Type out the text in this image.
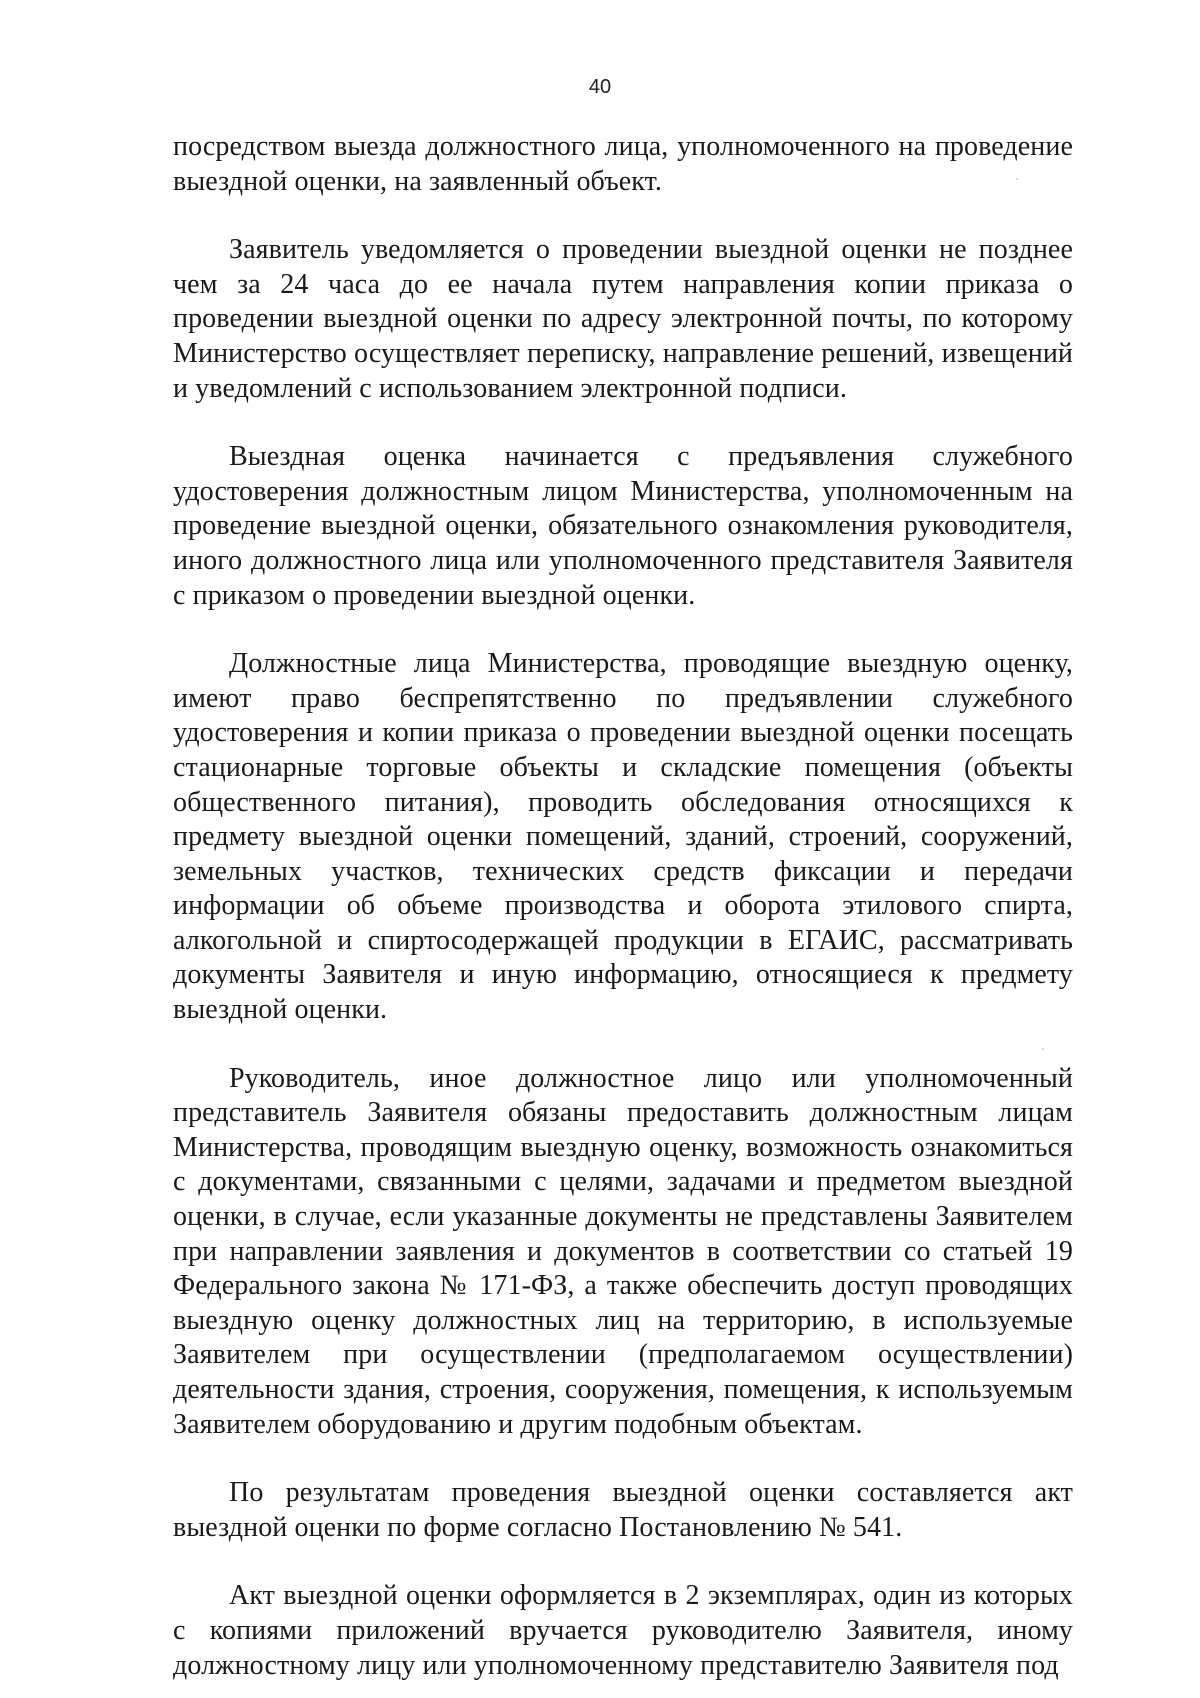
40

посредством выезда должностного лица, уполномоченного на проведение выездной оценки, на заявленный объект.

Заявитель уведомляется о проведении выездной оценки не позднее чем за 24 часа до ее начала путем направления копии приказа о проведении выездной оценки по адресу электронной почты, по которому Министерство осуществляет переписку, направление решений, извещений и уведомлений с использованием электронной подписи.

Выездная оценка начинается с предъявления служебного удостоверения должностным лицом Министерства, уполномоченным на проведение выездной оценки, обязательного ознакомления руководителя, иного должностного лица или уполномоченного представителя Заявителя с приказом о проведении выездной оценки.

Должностные лица Министерства, проводящие выездную оценку, имеют право беспрепятственно по предъявлении служебного удостоверения и копии приказа о проведении выездной оценки посещать стационарные торговые объекты и складские помещения (объекты общественного питания), проводить обследования относящихся к предмету выездной оценки помещений, зданий, строений, сооружений, земельных участков, технических средств фиксации и передачи информации об объеме производства и оборота этилового спирта, алкогольной и спиртосодержащей продукции в ЕГАИС, рассматривать документы Заявителя и иную информацию, относящиеся к предмету выездной оценки.

Руководитель, иное должностное лицо или уполномоченный представитель Заявителя обязаны предоставить должностным лицам Министерства, проводящим выездную оценку, возможность ознакомиться с документами, связанными с целями, задачами и предметом выездной оценки, в случае, если указанные документы не представлены Заявителем при направлении заявления и документов в соответствии со статьей 19 Федерального закона № 171-ФЗ, а также обеспечить доступ проводящих выездную оценку должностных лиц на территорию, в используемые Заявителем при осуществлении (предполагаемом осуществлении) деятельности здания, строения, сооружения, помещения, к используемым Заявителем оборудованию и другим подобным объектам.

По результатам проведения выездной оценки составляется акт выездной оценки по форме согласно Постановлению № 541.

Акт выездной оценки оформляется в 2 экземплярах, один из которых с копиями приложений вручается руководителю Заявителя, иному должностному лицу или уполномоченному представителю Заявителя под
